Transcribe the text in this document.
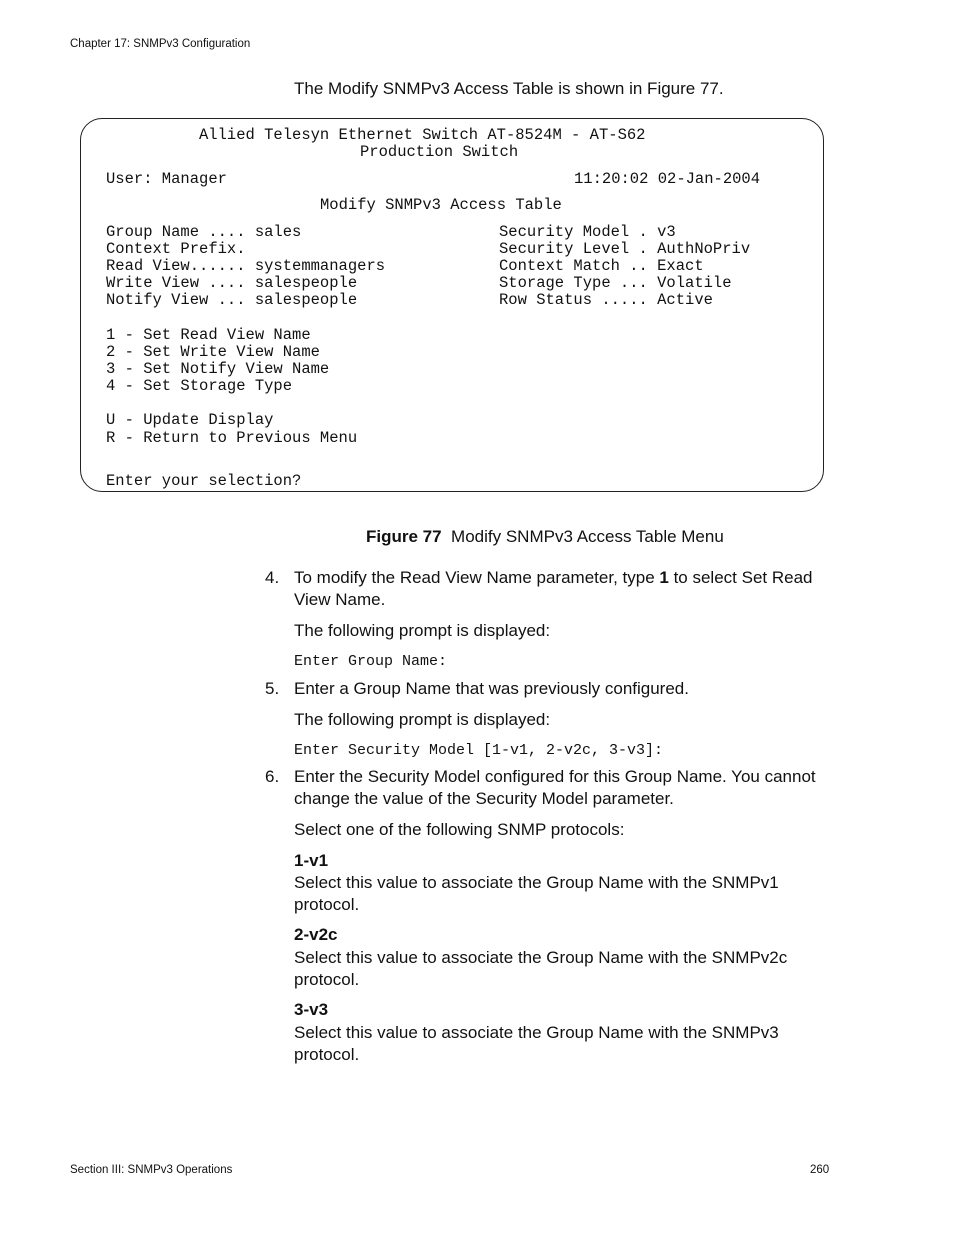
Chapter 17: SNMPv3 Configuration
The Modify SNMPv3 Access Table is shown in Figure 77.
Allied Telesyn Ethernet Switch AT-8524M - AT-S62
Production Switch
User: Manager	11:20:02 02-Jan-2004
Modify SNMPv3 Access Table
Group Name .... sales
Context Prefix.
Read View...... systemmanagers
Write View .... salespeople
Notify View ... salespeople
Security Model . v3
Security Level . AuthNoPriv
Context Match .. Exact
Storage Type ... Volatile
Row Status ..... Active
1 - Set Read View Name
2 - Set Write View Name
3 - Set Notify View Name
4 - Set Storage Type
U - Update Display
R - Return to Previous Menu
Enter your selection?
Figure 77 Modify SNMPv3 Access Table Menu
4. To modify the Read View Name parameter, type 1 to select Set Read View Name.
The following prompt is displayed:
Enter Group Name:
5. Enter a Group Name that was previously configured.
The following prompt is displayed:
Enter Security Model [1-v1, 2-v2c, 3-v3]:
6. Enter the Security Model configured for this Group Name. You cannot change the value of the Security Model parameter.
Select one of the following SNMP protocols:
1-v1
Select this value to associate the Group Name with the SNMPv1 protocol.
2-v2c
Select this value to associate the Group Name with the SNMPv2c protocol.
3-v3
Select this value to associate the Group Name with the SNMPv3 protocol.
Section III: SNMPv3 Operations	260
